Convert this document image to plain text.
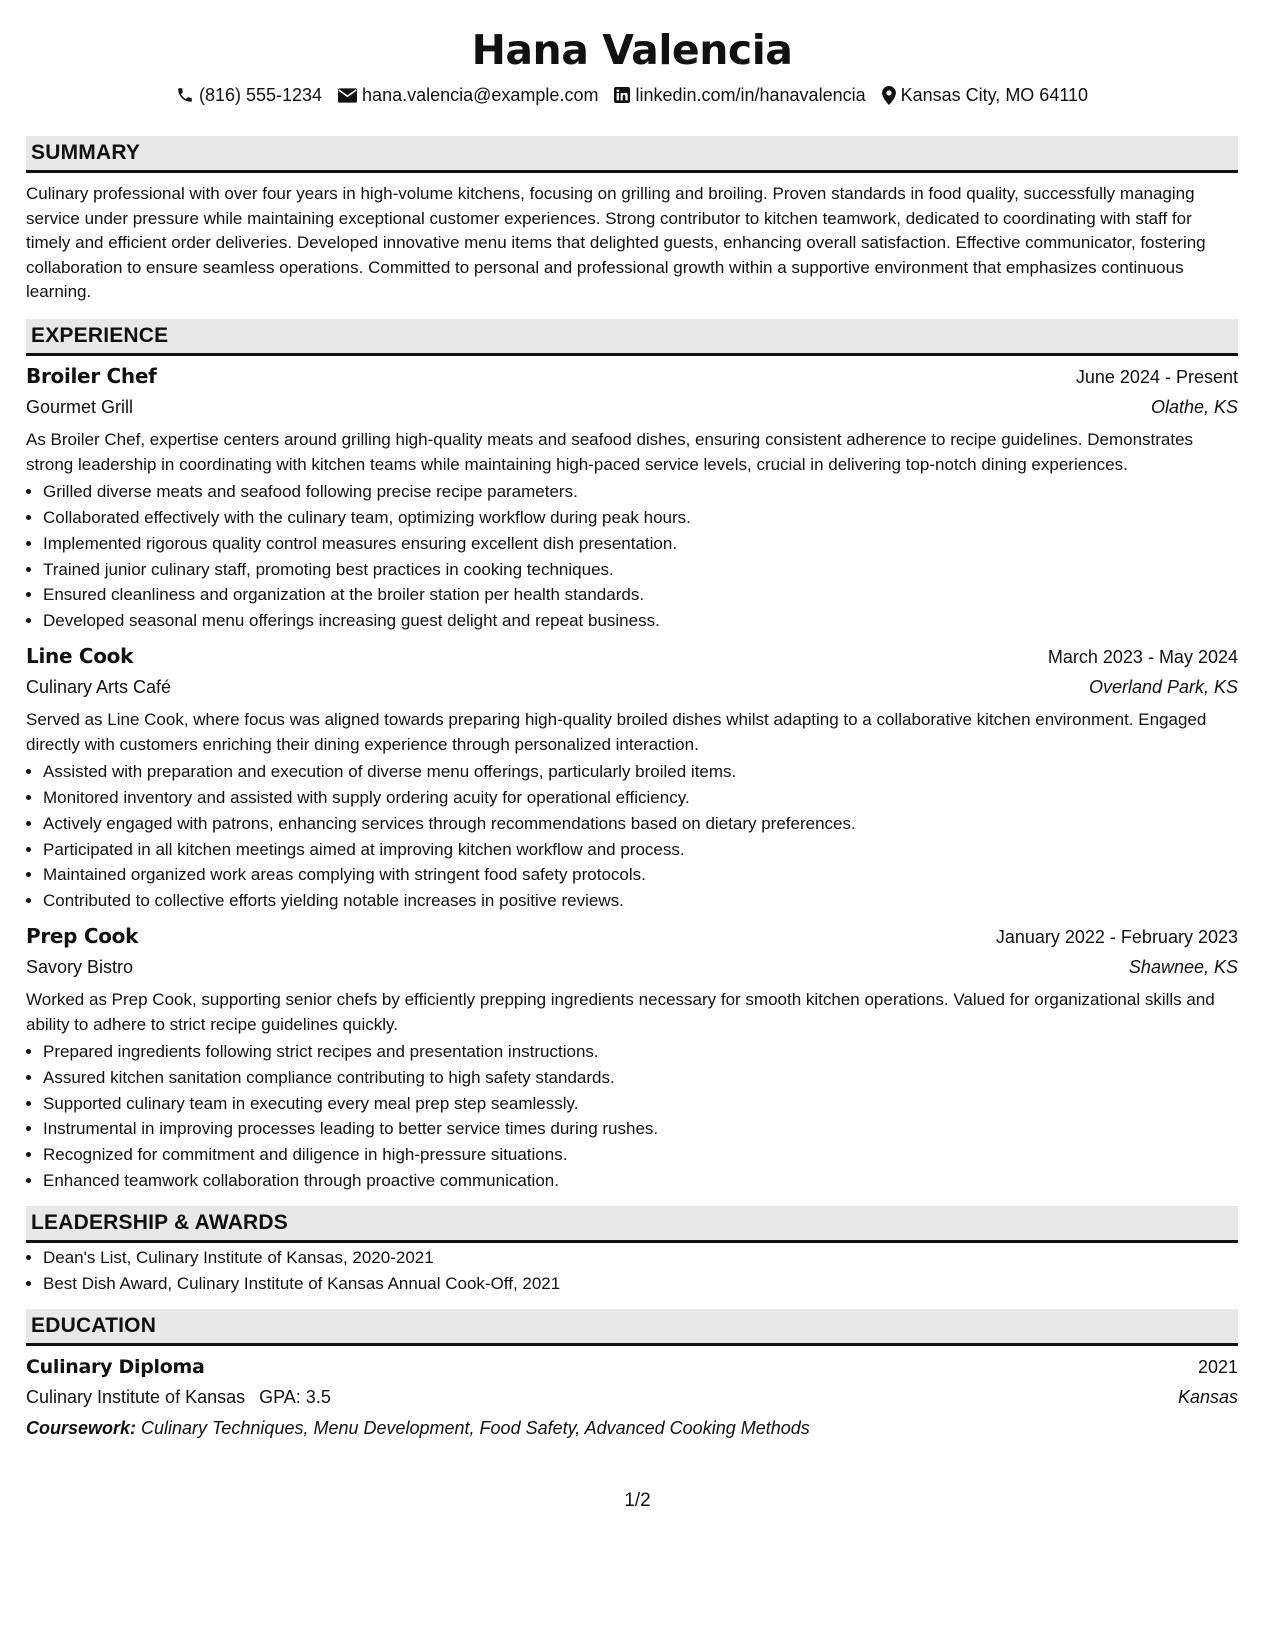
Hana Valencia
(816) 555-1234 hana.valencia@example.com linkedin.com/in/hanavalencia Kansas City, MO 64110
SUMMARY

Culinary professional with over four years in high-volume kitchens, focusing on grilling and broiling. Proven standards in food quality, successfully managing service under pressure while maintaining exceptional customer experiences. Strong contributor to kitchen teamwork, dedicated to coordinating with staff for timely and efficient order deliveries. Developed innovative menu items that delighted guests, enhancing overall satisfaction. Effective communicator, fostering collaboration to ensure seamless operations. Committed to personal and professional growth within a supportive environment that emphasizes continuous learning.

EXPERIENCE
Broiler Chef	June 2024 - Present
Gourmet Grill	Olathe, KS

As Broiler Chef, expertise centers around grilling high-quality meats and seafood dishes, ensuring consistent adherence to recipe guidelines. Demonstrates strong leadership in coordinating with kitchen teams while maintaining high-paced service levels, crucial in delivering top-notch dining experiences.

• Grilled diverse meats and seafood following precise recipe parameters.
• Collaborated effectively with the culinary team, optimizing workflow during peak hours.
• Implemented rigorous quality control measures ensuring excellent dish presentation.
• Trained junior culinary staff, promoting best practices in cooking techniques.
• Ensured cleanliness and organization at the broiler station per health standards.
• Developed seasonal menu offerings increasing guest delight and repeat business.
Line Cook	March 2023 - May 2024
Culinary Arts Café	Overland Park, KS

Served as Line Cook, where focus was aligned towards preparing high-quality broiled dishes whilst adapting to a collaborative kitchen environment. Engaged directly with customers enriching their dining experience through personalized interaction.

• Assisted with preparation and execution of diverse menu offerings, particularly broiled items.
• Monitored inventory and assisted with supply ordering acuity for operational efficiency.
• Actively engaged with patrons, enhancing services through recommendations based on dietary preferences.
• Participated in all kitchen meetings aimed at improving kitchen workflow and process.
• Maintained organized work areas complying with stringent food safety protocols.
• Contributed to collective efforts yielding notable increases in positive reviews.
Prep Cook	January 2022 - February 2023
Savory Bistro	Shawnee, KS

Worked as Prep Cook, supporting senior chefs by efficiently prepping ingredients necessary for smooth kitchen operations. Valued for organizational skills and ability to adhere to strict recipe guidelines quickly.

• Prepared ingredients following strict recipes and presentation instructions.
• Assured kitchen sanitation compliance contributing to high safety standards.
• Supported culinary team in executing every meal prep step seamlessly.
• Instrumental in improving processes leading to better service times during rushes.
• Recognized for commitment and diligence in high-pressure situations.
• Enhanced teamwork collaboration through proactive communication.
LEADERSHIP & AWARDS
• Dean's List, Culinary Institute of Kansas, 2020-2021
• Best Dish Award, Culinary Institute of Kansas Annual Cook-Off, 2021
EDUCATION
Culinary Diploma	2021
Culinary Institute of Kansas GPA: 3.5	Kansas
Coursework: Culinary Techniques, Menu Development, Food Safety, Advanced Cooking Methods
1/2
